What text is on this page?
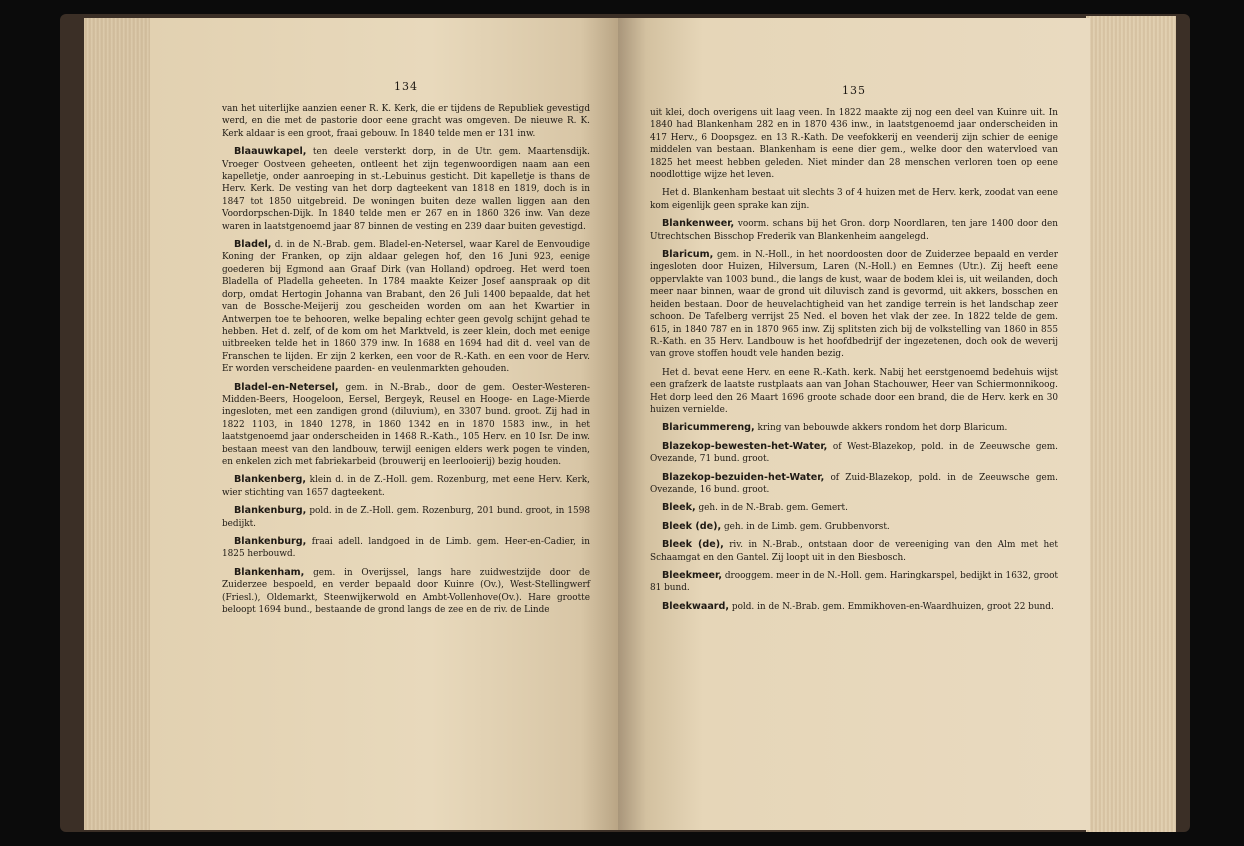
134

van het uiterlijke aanzien eener R. K. Kerk, die er tijdens de Republiek gevestigd werd, en die met de pastorie door eene gracht was omgeven. De nieuwe R. K. Kerk aldaar is een groot, fraai gebouw. In 1840 telde men er 131 inw.

Blaauwkapel, ten deele versterkt dorp, in de Utr. gem. Maartensdijk. Vroeger Oostveen geheeten, ontleent het zijn tegenwoordigen naam aan een kapelletje, onder aanroeping in st.-Lebuinus gesticht. Dit kapelletje is thans de Herv. Kerk. De vesting van het dorp dagteekent van 1818 en 1819, doch is in 1847 tot 1850 uitgebreid. De woningen buiten deze wallen liggen aan den Voordorpschen-Dijk. In 1840 telde men er 267 en in 1860 326 inw. Van deze waren in laatstgenoemd jaar 87 binnen de vesting en 239 daar buiten gevestigd.

Bladel, d. in de N.-Brab. gem. Bladel-en-Netersel, waar Karel de Eenvoudige Koning der Franken, op zijn aldaar gelegen hof, den 16 Juni 923, eenige goederen bij Egmond aan Graaf Dirk (van Holland) opdroeg. Het werd toen Bladella of Pladella geheeten. In 1784 maakte Keizer Josef aanspraak op dit dorp, omdat Hertogin Johanna van Brabant, den 26 Juli 1400 bepaalde, dat het van de Bossche-Meijerij zou gescheiden worden om aan het Kwartier in Antwerpen toe te behooren, welke bepaling echter geen gevolg schijnt gehad te hebben. Het d. zelf, of de kom om het Marktveld, is zeer klein, doch met eenige uitbreeken telde het in 1860 379 inw. In 1688 en 1694 had dit d. veel van de Franschen te lijden. Er zijn 2 kerken, een voor de R.-Kath. en een voor de Herv. Er worden verscheidene paarden- en veulenmarkten gehouden.

Bladel-en-Netersel, gem. in N.-Brab., door de gem. Oester-Westeren-Midden-Beers, Hoogeloon, Eersel, Bergeyk, Reusel en Hooge- en Lage-Mierde ingesloten, met een zandigen grond (diluvium), en 3307 bund. groot. Zij had in 1822 1103, in 1840 1278, in 1860 1342 en in 1870 1583 inw., in het laatstgenoemd jaar onderscheiden in 1468 R.-Kath., 105 Herv. en 10 Isr. De inw. bestaan meest van den landbouw, terwijl eenigen elders werk pogen te vinden, en enkelen zich met fabriekarbeid (brouwerij en leerlooierij) bezig houden.

Blankenberg, klein d. in de Z.-Holl. gem. Rozenburg, met eene Herv. Kerk, wier stichting van 1657 dagteekent.

Blankenburg, pold. in de Z.-Holl. gem. Rozenburg, 201 bund. groot, in 1598 bedijkt.

Blankenburg, fraai adell. landgoed in de Limb. gem. Heer-en-Cadier, in 1825 herbouwd.

Blankenham, gem. in Overijssel, langs hare zuidwestzijde door de Zuiderzee bespoeld, en verder bepaald door Kuinre (Ov.), West-Stellingwerf (Friesl.), Oldemarkt, Steenwijkerwold en Ambt-Vollenhove(Ov.). Hare grootte beloopt 1694 bund., bestaande de grond langs de zee en de riv. de Linde

135

uit klei, doch overigens uit laag veen. In 1822 maakte zij nog een deel van Kuinre uit. In 1840 had Blankenham 282 en in 1870 436 inw., in laatstgenoemd jaar onderscheiden in 417 Herv., 6 Doopsgez. en 13 R.-Kath. De veefokkerij en veenderij zijn schier de eenige middelen van bestaan. Blankenham is eene dier gem., welke door den watervloed van 1825 het meest hebben geleden. Niet minder dan 28 menschen verloren toen op eene noodlottige wijze het leven.

Het d. Blankenham bestaat uit slechts 3 of 4 huizen met de Herv. kerk, zoodat van eene kom eigenlijk geen sprake kan zijn.

Blankenweer, voorm. schans bij het Gron. dorp Noordlaren, ten jare 1400 door den Utrechtschen Bisschop Frederik van Blankenheim aangelegd.

Blaricum, gem. in N.-Holl., in het noordoosten door de Zuiderzee bepaald en verder ingesloten door Huizen, Hilversum, Laren (N.-Holl.) en Eemnes (Utr.). Zij heeft eene oppervlakte van 1003 bund., die langs de kust, waar de bodem klei is, uit weilanden, doch meer naar binnen, waar de grond uit diluvisch zand is gevormd, uit akkers, bosschen en heiden bestaan. Door de heuvelachtigheid van het zandige terrein is het landschap zeer schoon. De Tafelberg verrijst 25 Ned. el boven het vlak der zee. In 1822 telde de gem. 615, in 1840 787 en in 1870 965 inw. Zij splitsten zich bij de volkstelling van 1860 in 855 R.-Kath. en 35 Herv. Landbouw is het hoofdbedrijf der ingezetenen, doch ook de weverij van grove stoffen houdt vele handen bezig.

Het d. bevat eene Herv. en eene R.-Kath. kerk. Nabij het eerstgenoemd bedehuis wijst een grafzerk de laatste rustplaats aan van Johan Stachouwer, Heer van Schiermonnikoog. Het dorp leed den 26 Maart 1696 groote schade door een brand, die de Herv. kerk en 30 huizen vernielde.

Blaricummereng, kring van bebouwde akkers rondom het dorp Blaricum.

Blazekop-bewesten-het-Water, of West-Blazekop, pold. in de Zeeuwsche gem. Ovezande, 71 bund. groot.

Blazekop-bezuiden-het-Water, of Zuid-Blazekop, pold. in de Zeeuwsche gem. Ovezande, 16 bund. groot.

Bleek, geh. in de N.-Brab. gem. Gemert.

Bleek (de), geh. in de Limb. gem. Grubbenvorst.

Bleek (de), riv. in N.-Brab., ontstaan door de vereeniging van den Alm met het Schaamgat en den Gantel. Zij loopt uit in den Biesbosch.

Bleekmeer, drooggem. meer in de N.-Holl. gem. Haringkarspel, bedijkt in 1632, groot 81 bund.

Bleekwaard, pold. in de N.-Brab. gem. Emmikhoven-en-Waardhuizen, groot 22 bund.
